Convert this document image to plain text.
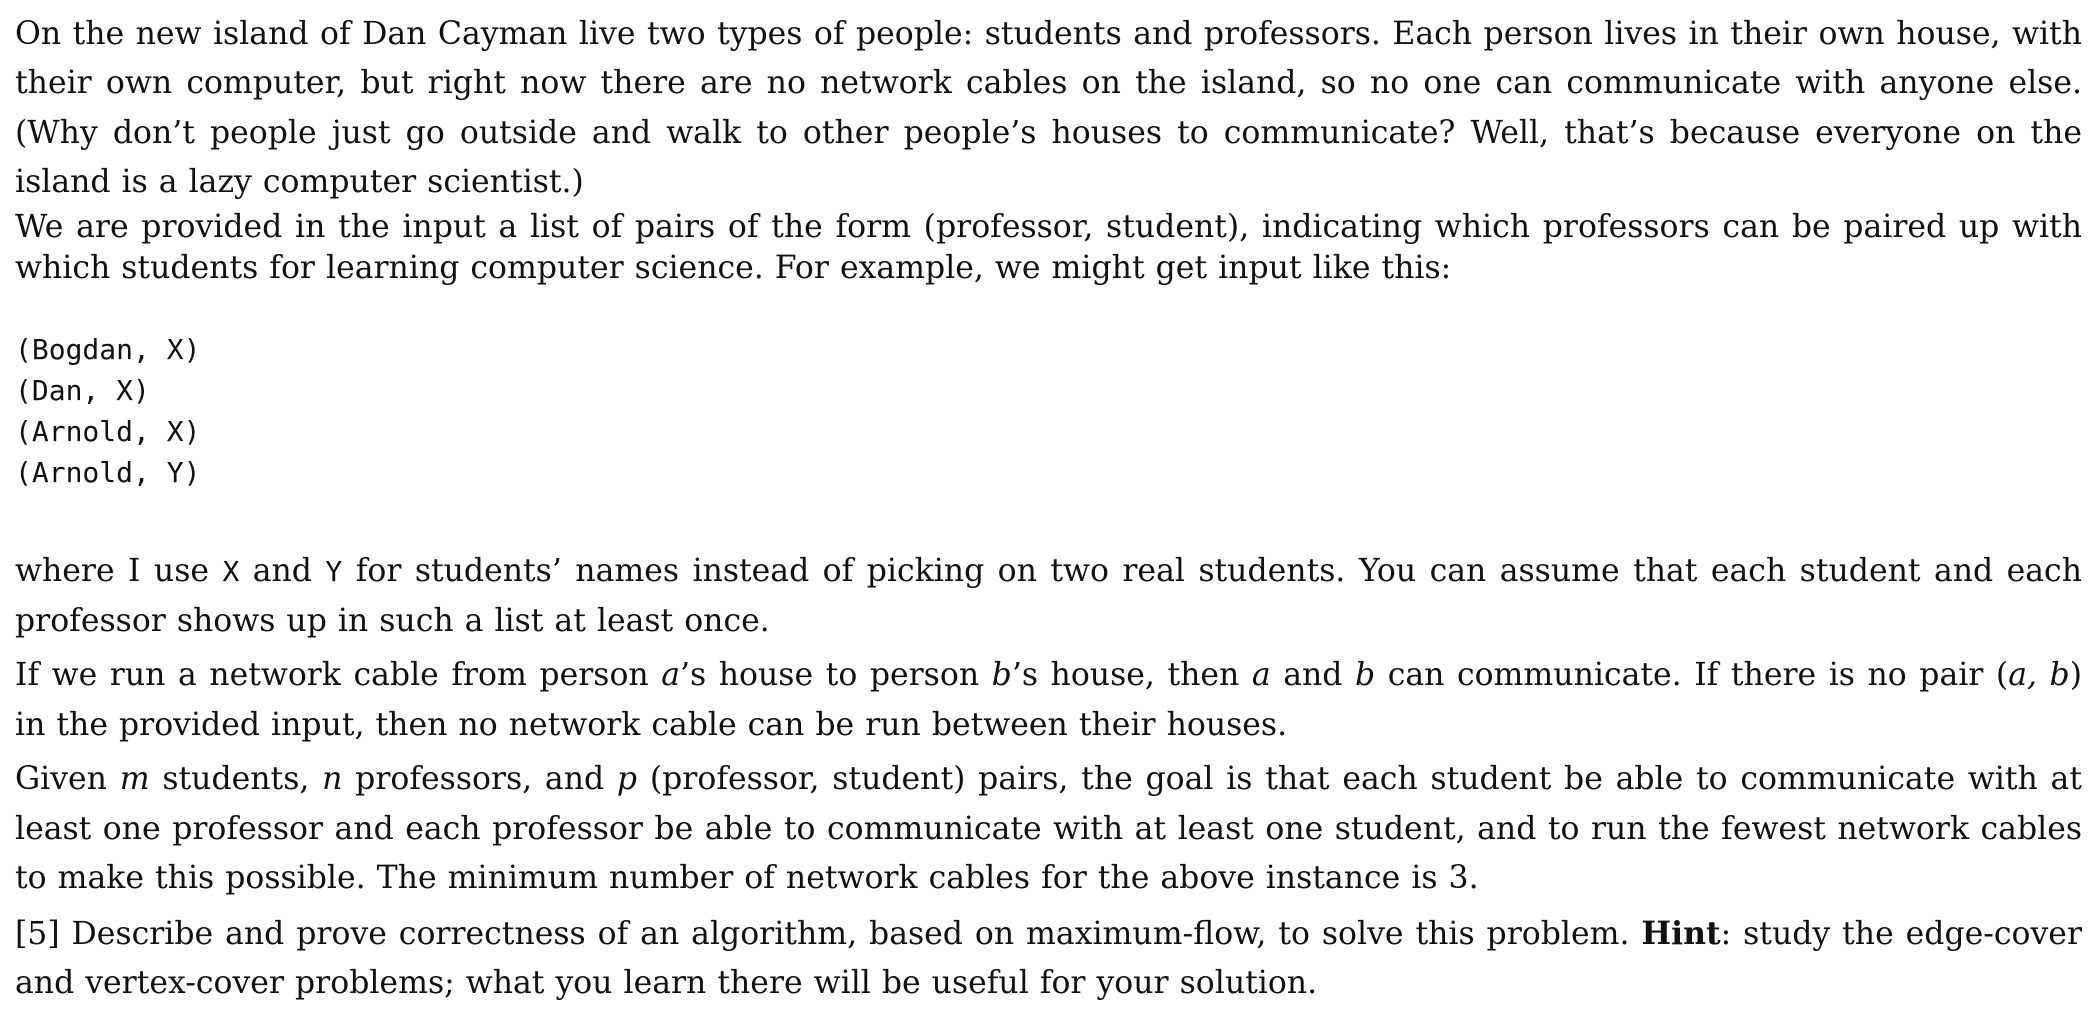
On the new island of Dan Cayman live two types of people: students and professors. Each person lives in their own house, with their own computer, but right now there are no network cables on the island, so no one can communicate with anyone else. (Why don’t people just go outside and walk to other people’s houses to communicate? Well, that’s because everyone on the island is a lazy computer scientist.)

We are provided in the input a list of pairs of the form (professor, student), indicating which professors can be paired up with which students for learning computer science. For example, we might get input like this:

(Bogdan, X)
(Dan, X)
(Arnold, X)
(Arnold, Y)

where I use X and Y for students’ names instead of picking on two real students. You can assume that each student and each professor shows up in such a list at least once.

If we run a network cable from person a’s house to person b’s house, then a and b can communicate. If there is no pair (a, b) in the provided input, then no network cable can be run between their houses.

Given m students, n professors, and p (professor, student) pairs, the goal is that each student be able to communicate with at least one professor and each professor be able to communicate with at least one student, and to run the fewest network cables to make this possible. The minimum number of network cables for the above instance is 3.

[5] Describe and prove correctness of an algorithm, based on maximum-flow, to solve this problem. Hint: study the edge-cover and vertex-cover problems; what you learn there will be useful for your solution.
